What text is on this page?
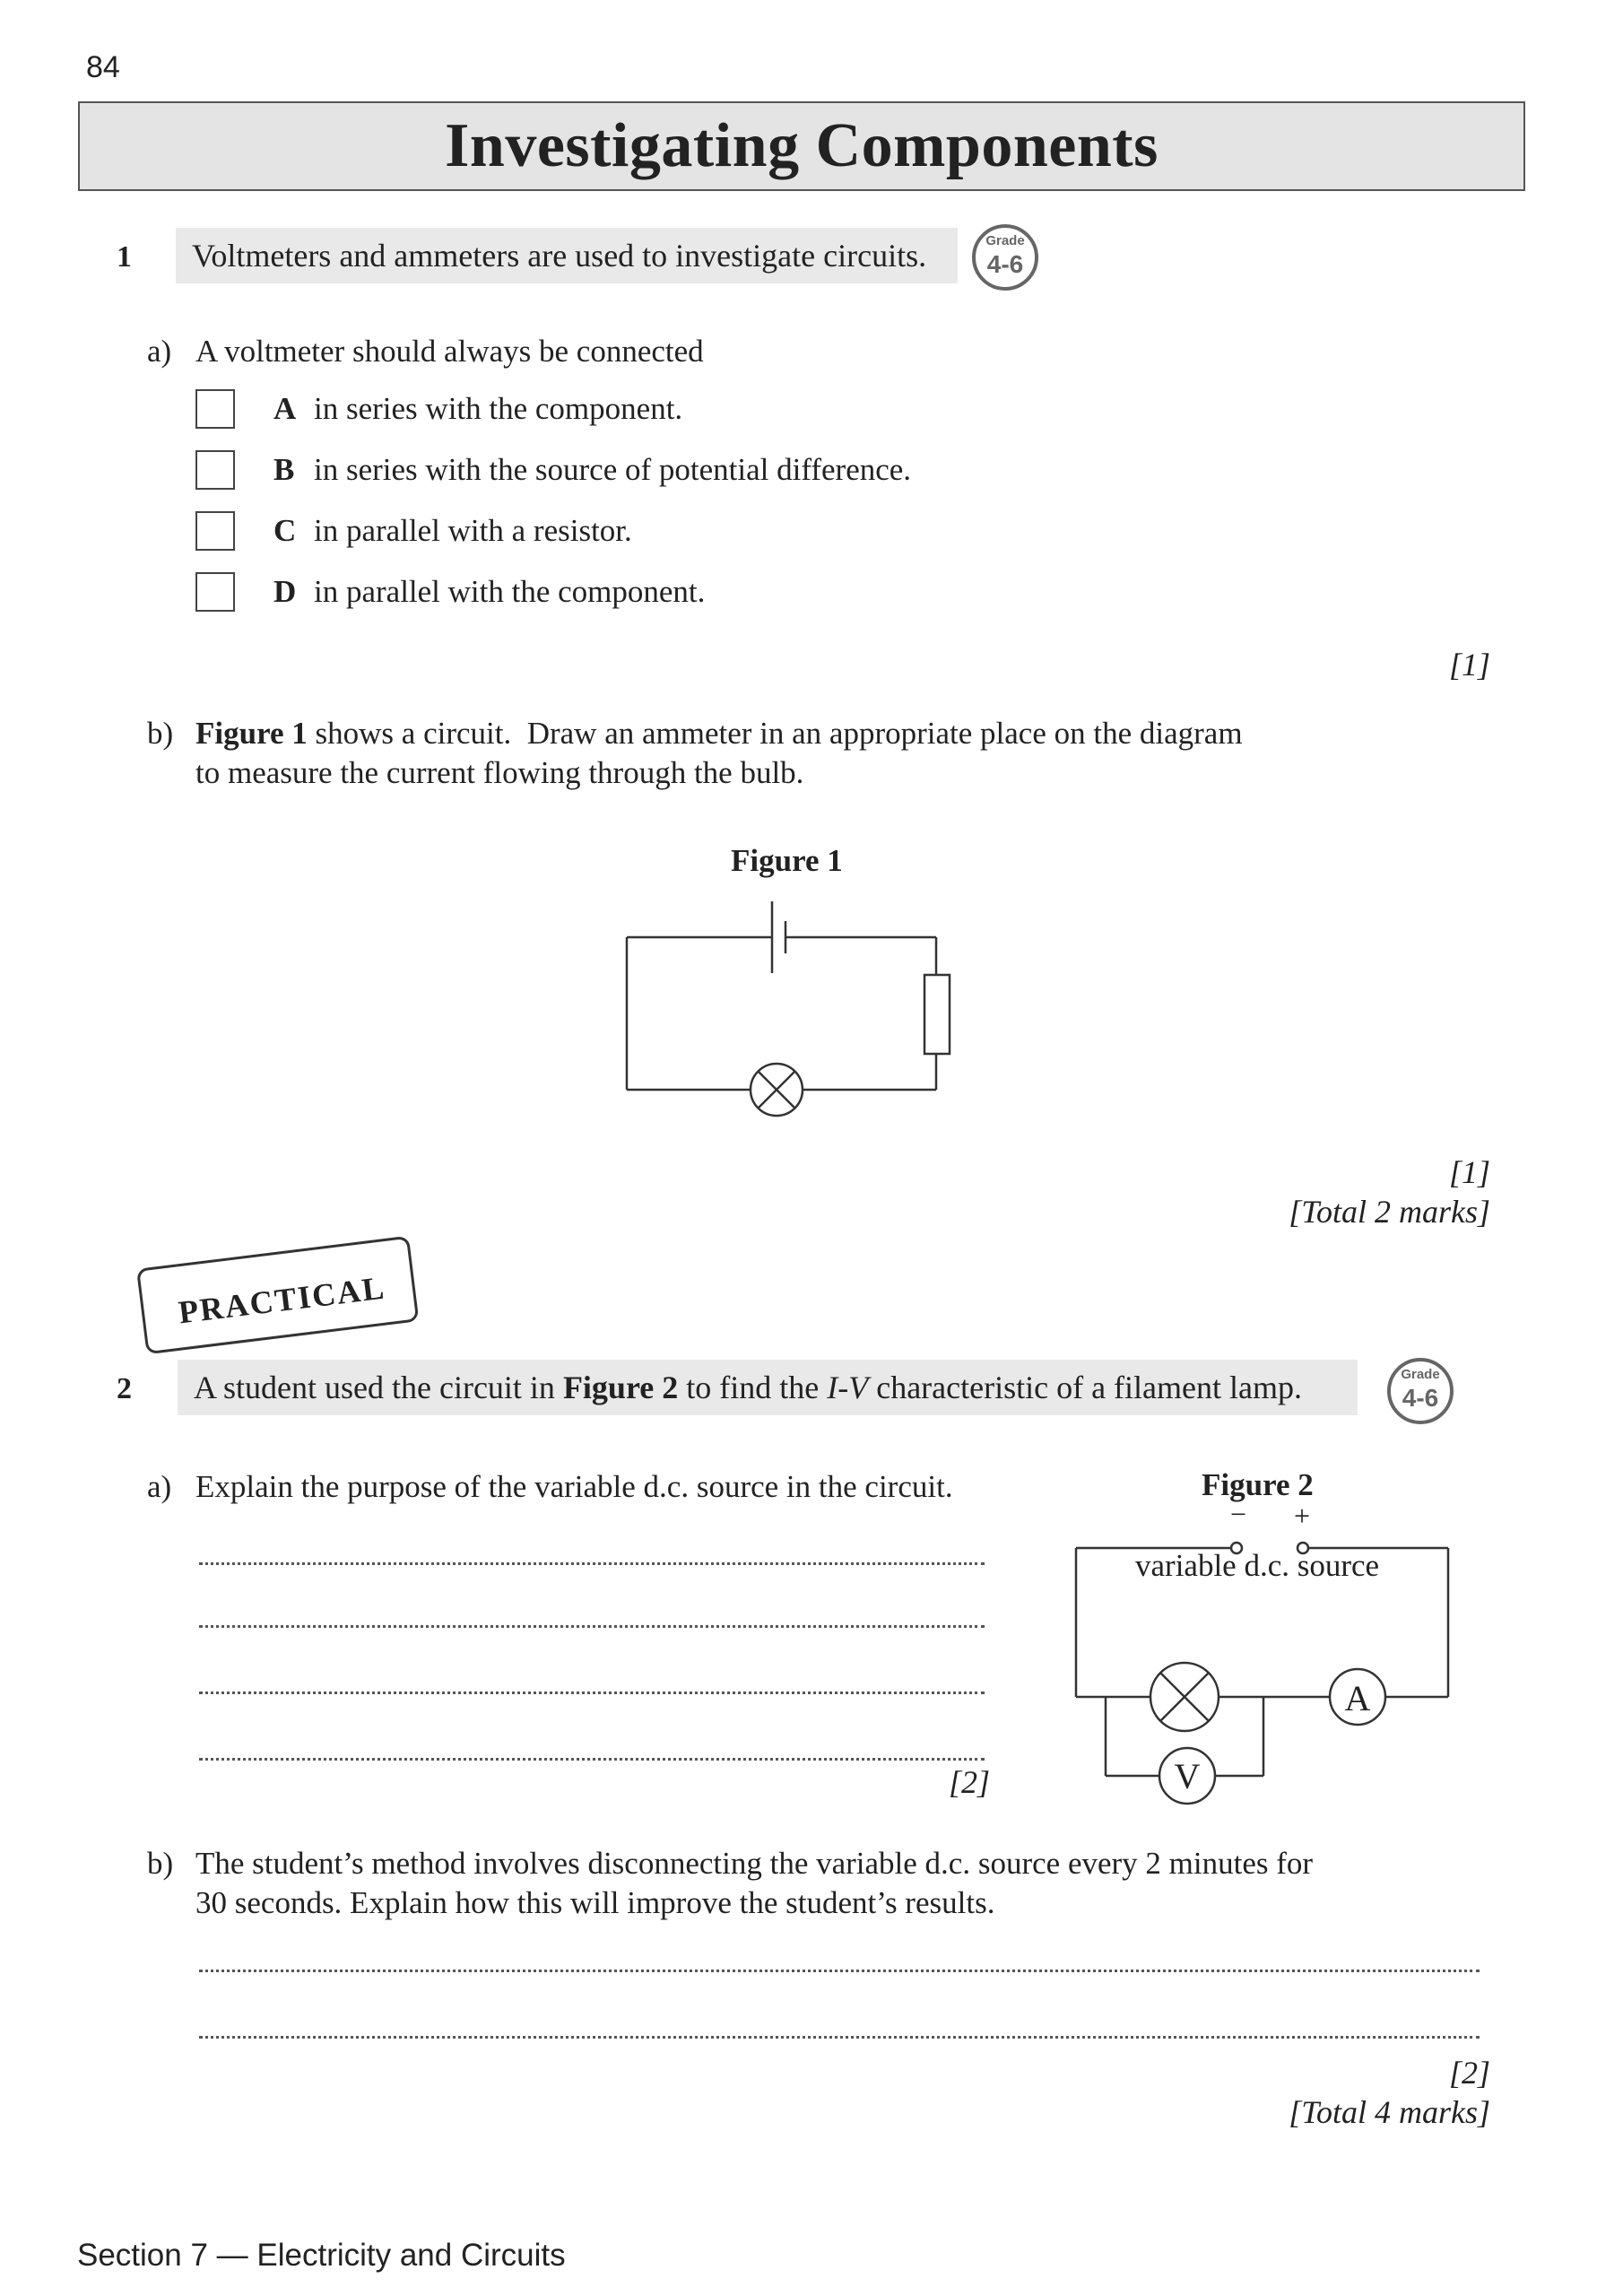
84
Investigating Components
1	Voltmeters and ammeters are used to investigate circuits.	Grade
4-6
a) A voltmeter should always be connected
A in series with the component.
B in series with the source of potential difference.
C in parallel with a resistor.
D in parallel with the component.
[1]
b) Figure 1 shows a circuit.  Draw an ammeter in an appropriate place on the diagram
to measure the current flowing through the bulb.
Figure 1
[1]
[Total 2 marks]
PRACTICAL
2	A student used the circuit in Figure 2 to find the I-V characteristic of a filament lamp.	Grade
4-6
a) Explain the purpose of the variable d.c. source in the circuit.
[2]
Figure 2
− +
variable d.c. source
A
V
b) The student’s method involves disconnecting the variable d.c. source every 2 minutes for
30 seconds. Explain how this will improve the student’s results.
[2]
[Total 4 marks]
Section 7 — Electricity and Circuits
